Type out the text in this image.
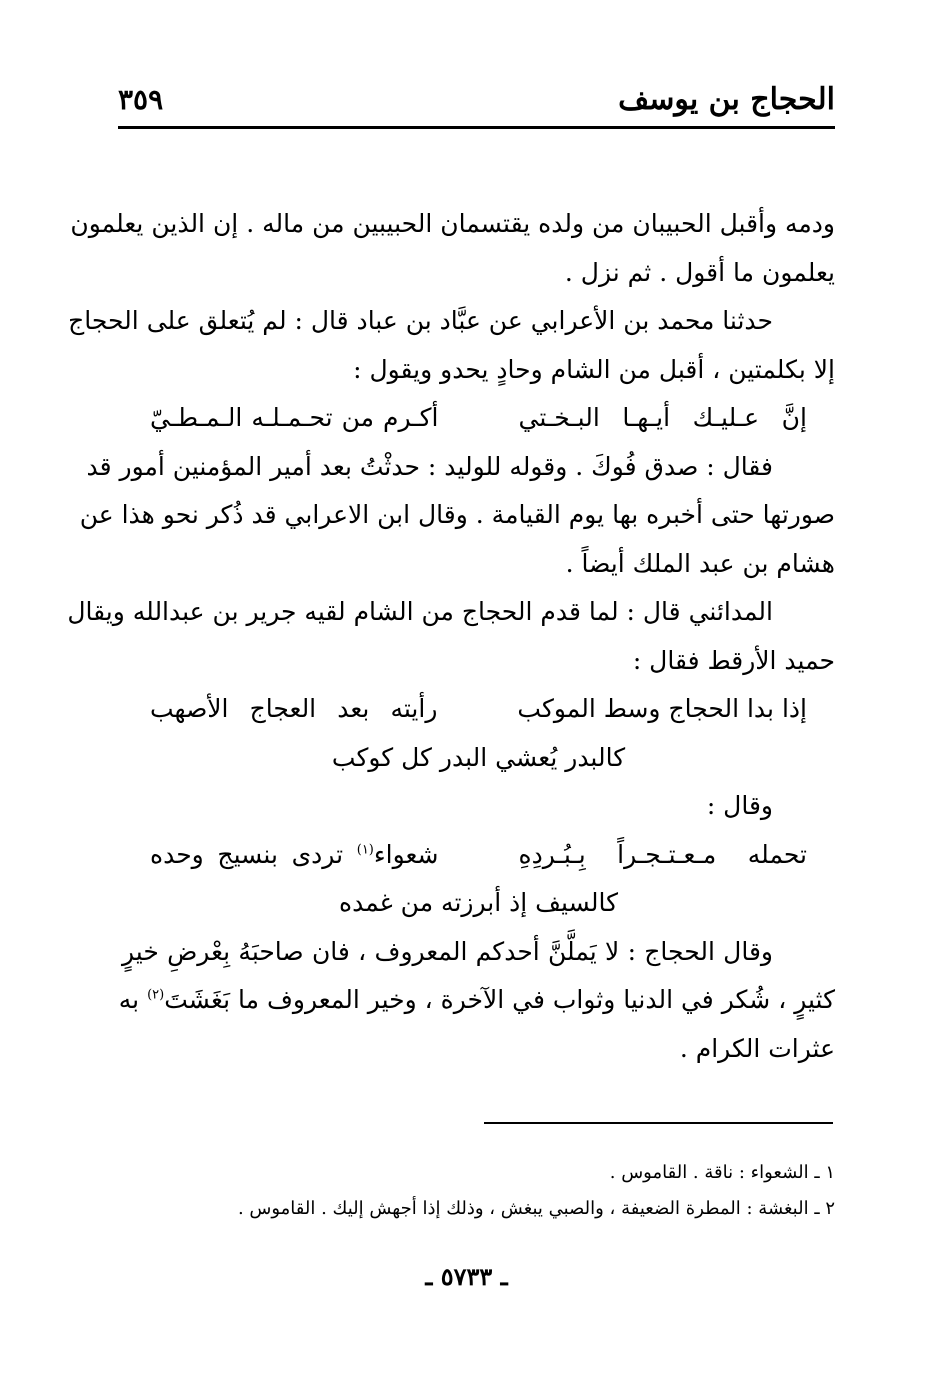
الحجاج بن يوسف
٣٥٩
ودمه وأقبل الحبيبان من ولده يقتسمان الحبيبين من ماله . إن الذين يعلمون
يعلمون ما أقول . ثم نزل .
حدثنا محمد بن الأعرابي عن عبَّاد بن عباد قال : لم يُتعلق على الحجاج
إلا بكلمتين ، أقبل من الشام وحادٍ يحدو ويقول :
إنَّ عـليـك أيـهـا البـخـتي
أكـرم من تحـمـلـه الـمـطـيّ
فقال : صدق فُوكَ . وقوله للوليد : حدثْتُ بعد أمير المؤمنين أمور قد
صورتها حتى أخبره بها يوم القيامة . وقال ابن الاعرابي قد ذُكر نحو هذا عن
هشام بن عبد الملك أيضاً .
المدائني قال : لما قدم الحجاج من الشام لقيه جرير بن عبدالله ويقال
حميد الأرقط فقال :
إذا بدا الحجاج وسط الموكب
رأيته بعد العجاج الأصهب
كالبدر يُعشي البدر كل كوكب
وقال :
تحمله مـعـتـجـراً بِـبُـردِهِ
شعواء$^{(١)}$ تردى بنسيج وحده
كالسيف إذ أبرزته من غمده
وقال الحجاج : لا يَملَّنَّ أحدكم المعروف ، فان صاحبَهُ بِعْرضِ خيرٍ
كثيرٍ ، شُكر في الدنيا وثواب في الآخرة ، وخير المعروف ما بَغَشَتَ$^{(٢)}$ به
عثرات الكرام .
١ ـ الشعواء : ناقة . القاموس .
٢ ـ البغشة : المطرة الضعيفة ، والصبي يبغش ، وذلك إذا أجهش إليك . القاموس .
ـ ٥٧٣٣ ـ
